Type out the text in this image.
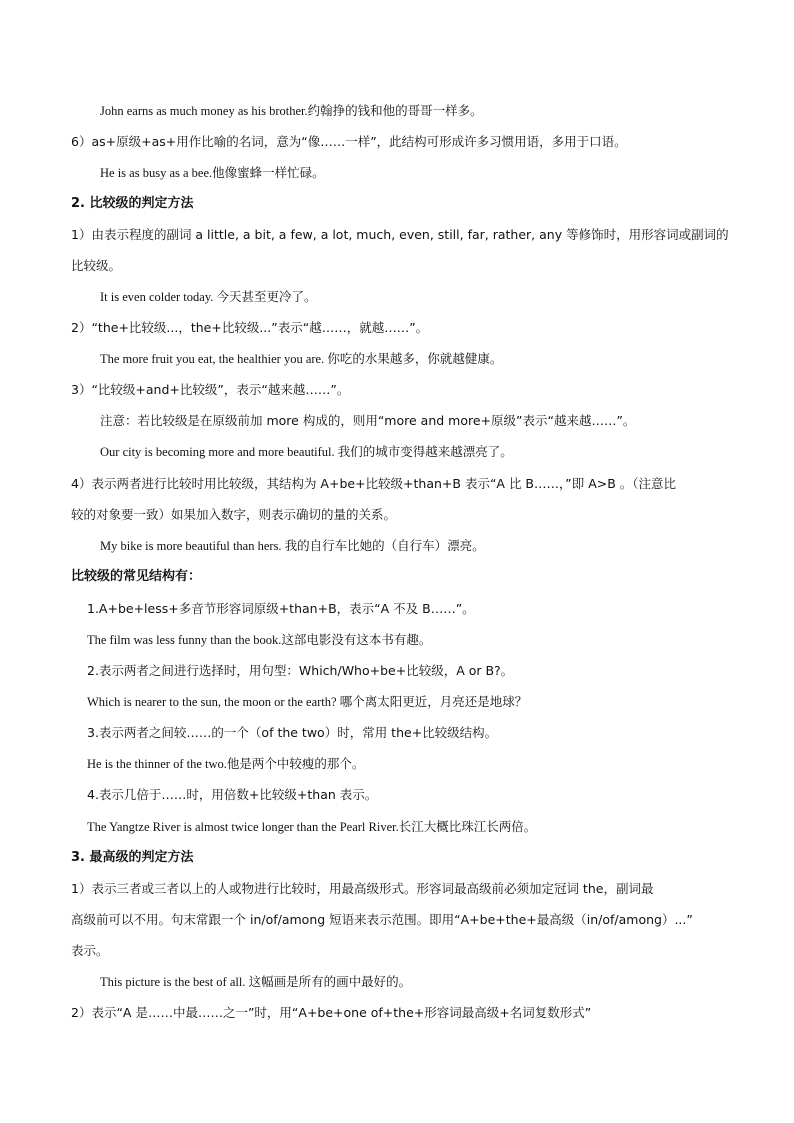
John earns as much money as his brother.约翰挣的钱和他的哥哥一样多。
6）as+原级+as+用作比喻的名词，意为“像……一样”，此结构可形成许多习惯用语，多用于口语。
He is as busy as a bee.他像蜜蜂一样忙碌。
2. 比较级的判定方法
1）由表示程度的副词 a little, a bit, a few, a lot, much, even, still, far, rather, any 等修饰时，用形容词或副词的
比较级。
It is even colder today. 今天甚至更冷了。
2）“the+比较级...，the+比较级...”表示“越……，就越……”。
The more fruit you eat, the healthier you are. 你吃的水果越多，你就越健康。
3）“比较级+and+比较级”，表示“越来越……”。
注意：若比较级是在原级前加 more 构成的，则用“more and more+原级”表示“越来越……”。
Our city is becoming more and more beautiful. 我们的城市变得越来越漂亮了。
4）表示两者进行比较时用比较级，其结构为 A+be+比较级+than+B 表示“A 比 B……，”即 A>B 。（注意比
较的对象要一致）如果加入数字，则表示确切的量的关系。
My bike is more beautiful than hers. 我的自行车比她的（自行车）漂亮。
比较级的常见结构有：
1.A+be+less+多音节形容词原级+than+B，表示“A 不及 B……”。
The film was less funny than the book.这部电影没有这本书有趣。
2.表示两者之间进行选择时，用句型：Which/Who+be+比较级，A or B?。
Which is nearer to the sun, the moon or the earth? 哪个离太阳更近，月亮还是地球？
3.表示两者之间较……的一个（of the two）时，常用 the+比较级结构。
He is the thinner of the two.他是两个中较瘦的那个。
4.表示几倍于……时，用倍数+比较级+than 表示。
The Yangtze River is almost twice longer than the Pearl River.长江大概比珠江长两倍。
3. 最高级的判定方法
1）表示三者或三者以上的人或物进行比较时，用最高级形式。形容词最高级前必须加定冠词 the，副词最
高级前可以不用。句末常跟一个 in/of/among 短语来表示范围。即用“A+be+the+最高级（in/of/among）...”
表示。
This picture is the best of all. 这幅画是所有的画中最好的。
2）表示“A 是……中最……之一”时，用“A+be+one of+the+形容词最高级+名词复数形式”
